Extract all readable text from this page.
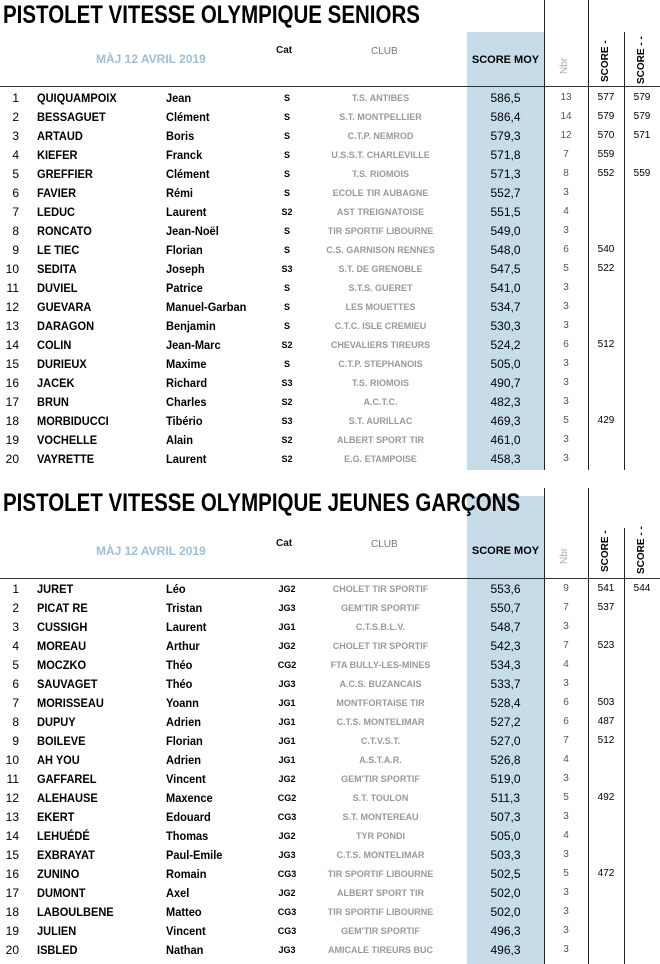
PISTOLET VITESSE OLYMPIQUE SENIORS
MÀJ 12 AVRIL 2019
Cat	CLUB
SCORE MOY	Nbr	SCORE -	SCORE - -
1 QUIQUAMPOIX	Jean	S	T.S. ANTIBES	586,5	13	577	579
2 BESSAGUET	Clément	S	S.T. MONTPELLIER	586,4	14	579	579
3 ARTAUD	Boris	S	C.T.P. NEMROD	579,3	12	570	571
4 KIEFER	Franck	S	U.S.S.T. CHARLEVILLE	571,8	7	559
5 GREFFIER	Clément	S	T.S. RIOMOIS	571,3	8	552	559
6 FAVIER	Rémi	S	ECOLE TIR AUBAGNE	552,7	3
7 LEDUC	Laurent	S2	AST TREIGNATOISE	551,5	4
8 RONCATO	Jean-Noël	S	TIR SPORTIF LIBOURNE	549,0	3
9 LE TIEC	Florian	S	C.S. GARNISON RENNES	548,0	6	540
10 SEDITA	Joseph	S3	S.T. DE GRENOBLE	547,5	5	522
11 DUVIEL	Patrice	S	S.T.S. GUERET	541,0	3
12 GUEVARA	Manuel-Garban	S	LES MOUETTES	534,7	3
13 DARAGON	Benjamin	S	C.T.C. ISLE CREMIEU	530,3	3
14 COLIN	Jean-Marc	S2	CHEVALIERS TIREURS	524,2	6	512
15 DURIEUX	Maxime	S	C.T.P. STEPHANOIS	505,0	3
16 JACEK	Richard	S3	T.S. RIOMOIS	490,7	3
17 BRUN	Charles	S2	A.C.T.C.	482,3	3
18 MORBIDUCCI	Tibério	S3	S.T. AURILLAC	469,3	5	429
19 VOCHELLE	Alain	S2	ALBERT SPORT TIR	461,0	3
20 VAYRETTE	Laurent	S2	E.G. ETAMPOISE	458,3	3
PISTOLET VITESSE OLYMPIQUE JEUNES GARÇONS
MÀJ 12 AVRIL 2019
Cat	CLUB
SCORE MOY	Nbr	SCORE -	SCORE - -
1 JURET	Léo	JG2	CHOLET TIR SPORTIF	553,6	9	541	544
2 PICAT RE	Tristan	JG3	GEM'TIR SPORTIF	550,7	7	537
3 CUSSIGH	Laurent	JG1	C.T.S.B.L.V.	548,7	3
4 MOREAU	Arthur	JG2	CHOLET TIR SPORTIF	542,3	7	523
5 MOCZKO	Théo	CG2	FTA BULLY-LES-MINES	534,3	4
6 SAUVAGET	Théo	JG3	A.C.S. BUZANCAIS	533,7	3
7 MORISSEAU	Yoann	JG1	MONTFORTAISE TIR	528,4	6	503
8 DUPUY	Adrien	JG1	C.T.S. MONTELIMAR	527,2	6	487
9 BOILEVE	Florian	JG1	C.T.V.S.T.	527,0	7	512
10 AH YOU	Adrien	JG1	A.S.T.A.R.	526,8	4
11 GAFFAREL	Vincent	JG2	GEM'TIR SPORTIF	519,0	3
12 ALEHAUSE	Maxence	CG2	S.T. TOULON	511,3	5	492
13 EKERT	Edouard	CG3	S.T. MONTEREAU	507,3	3
14 LEHUÉDÉ	Thomas	JG2	TYR PONDI	505,0	4
15 EXBRAYAT	Paul-Emile	JG3	C.T.S. MONTELIMAR	503,3	3
16 ZUNINO	Romain	CG3	TIR SPORTIF LIBOURNE	502,5	5	472
17 DUMONT	Axel	JG2	ALBERT SPORT TIR	502,0	3
18 LABOULBENE	Matteo	CG3	TIR SPORTIF LIBOURNE	502,0	3
19 JULIEN	Vincent	CG3	GEM'TIR SPORTIF	496,3	3
20 ISBLED	Nathan	JG3	AMICALE TIREURS BUC	496,3	3
